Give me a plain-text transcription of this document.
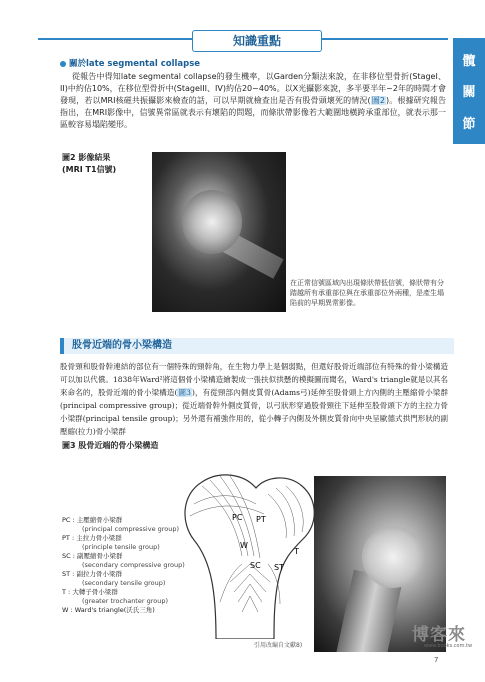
知識重點
髖
關
節
關於late segmental collapse

從報告中得知late segmental collapse的發生機率，以Garden分類法來說，在非移位型骨折(StageI、II)中約佔10%，在移位型骨折中(StageIII、IV)約佔20~40%。以X光攝影來說，多半要半年~2年的時間才會發現，若以MRI核磁共振攝影來檢查的話，可以早期就檢查出是否有股骨頭壞死的情況(圖2)。根據研究報告指出，在MRI影像中，信號異常區就表示有壞陷的問題，而條狀帶影像若大範圍地橫跨承重部位，就表示那一區較容易塌陷變形。

圖2 影像結果
(MRI T1信號)
在正常信號區域內出現條狀帶低信號，條狀帶有分踏越所有承重部位與在承重部位外兩種，是產生塌陷前的早期異常影像。
股骨近端的骨小梁構造
股骨頸和股骨幹連結的部位有一個特殊的頸幹角，在生物力學上是個弱點，但還好股骨近端部位有特殊的骨小梁構造可以加以代償。1838年Ward²將這個骨小梁構造繪製成一張扶似拱懸的模擬圖而聞名，Ward's triangle就是以其名來命名的，股骨近端的骨小梁構造(圖3)，有從頸部內側皮質骨(Adams弓)延伸至股骨頭上方內側的主壓縮骨小梁群(principal compressive group)；從近端骨幹外側皮質骨，以弓狀形穿過股骨頸往下延伸至股骨頭下方的主拉力骨小梁群(principal tensile group)；另外還有補強作用的，從小轉子內側及外側皮質骨向中央呈歐德式拱門形狀的副壓縮(拉力)骨小梁群
圖3 股骨近端的骨小梁構造
PC : 主壓縮骨小梁群
(principal compressive group)
PT : 主拉力骨小梁群
(principle tensile group)
SC : 副壓縮骨小梁群
(secondary compressive group)
ST : 副拉力骨小梁群
(secondary tensile group)
T : 大轉子骨小梁群
(greater trochanter group)
W : Ward's triangle(沃氏三角)
PC PT
W
T
SC ST
引用改編自文獻8)
博客來
www.books.com.tw
7
